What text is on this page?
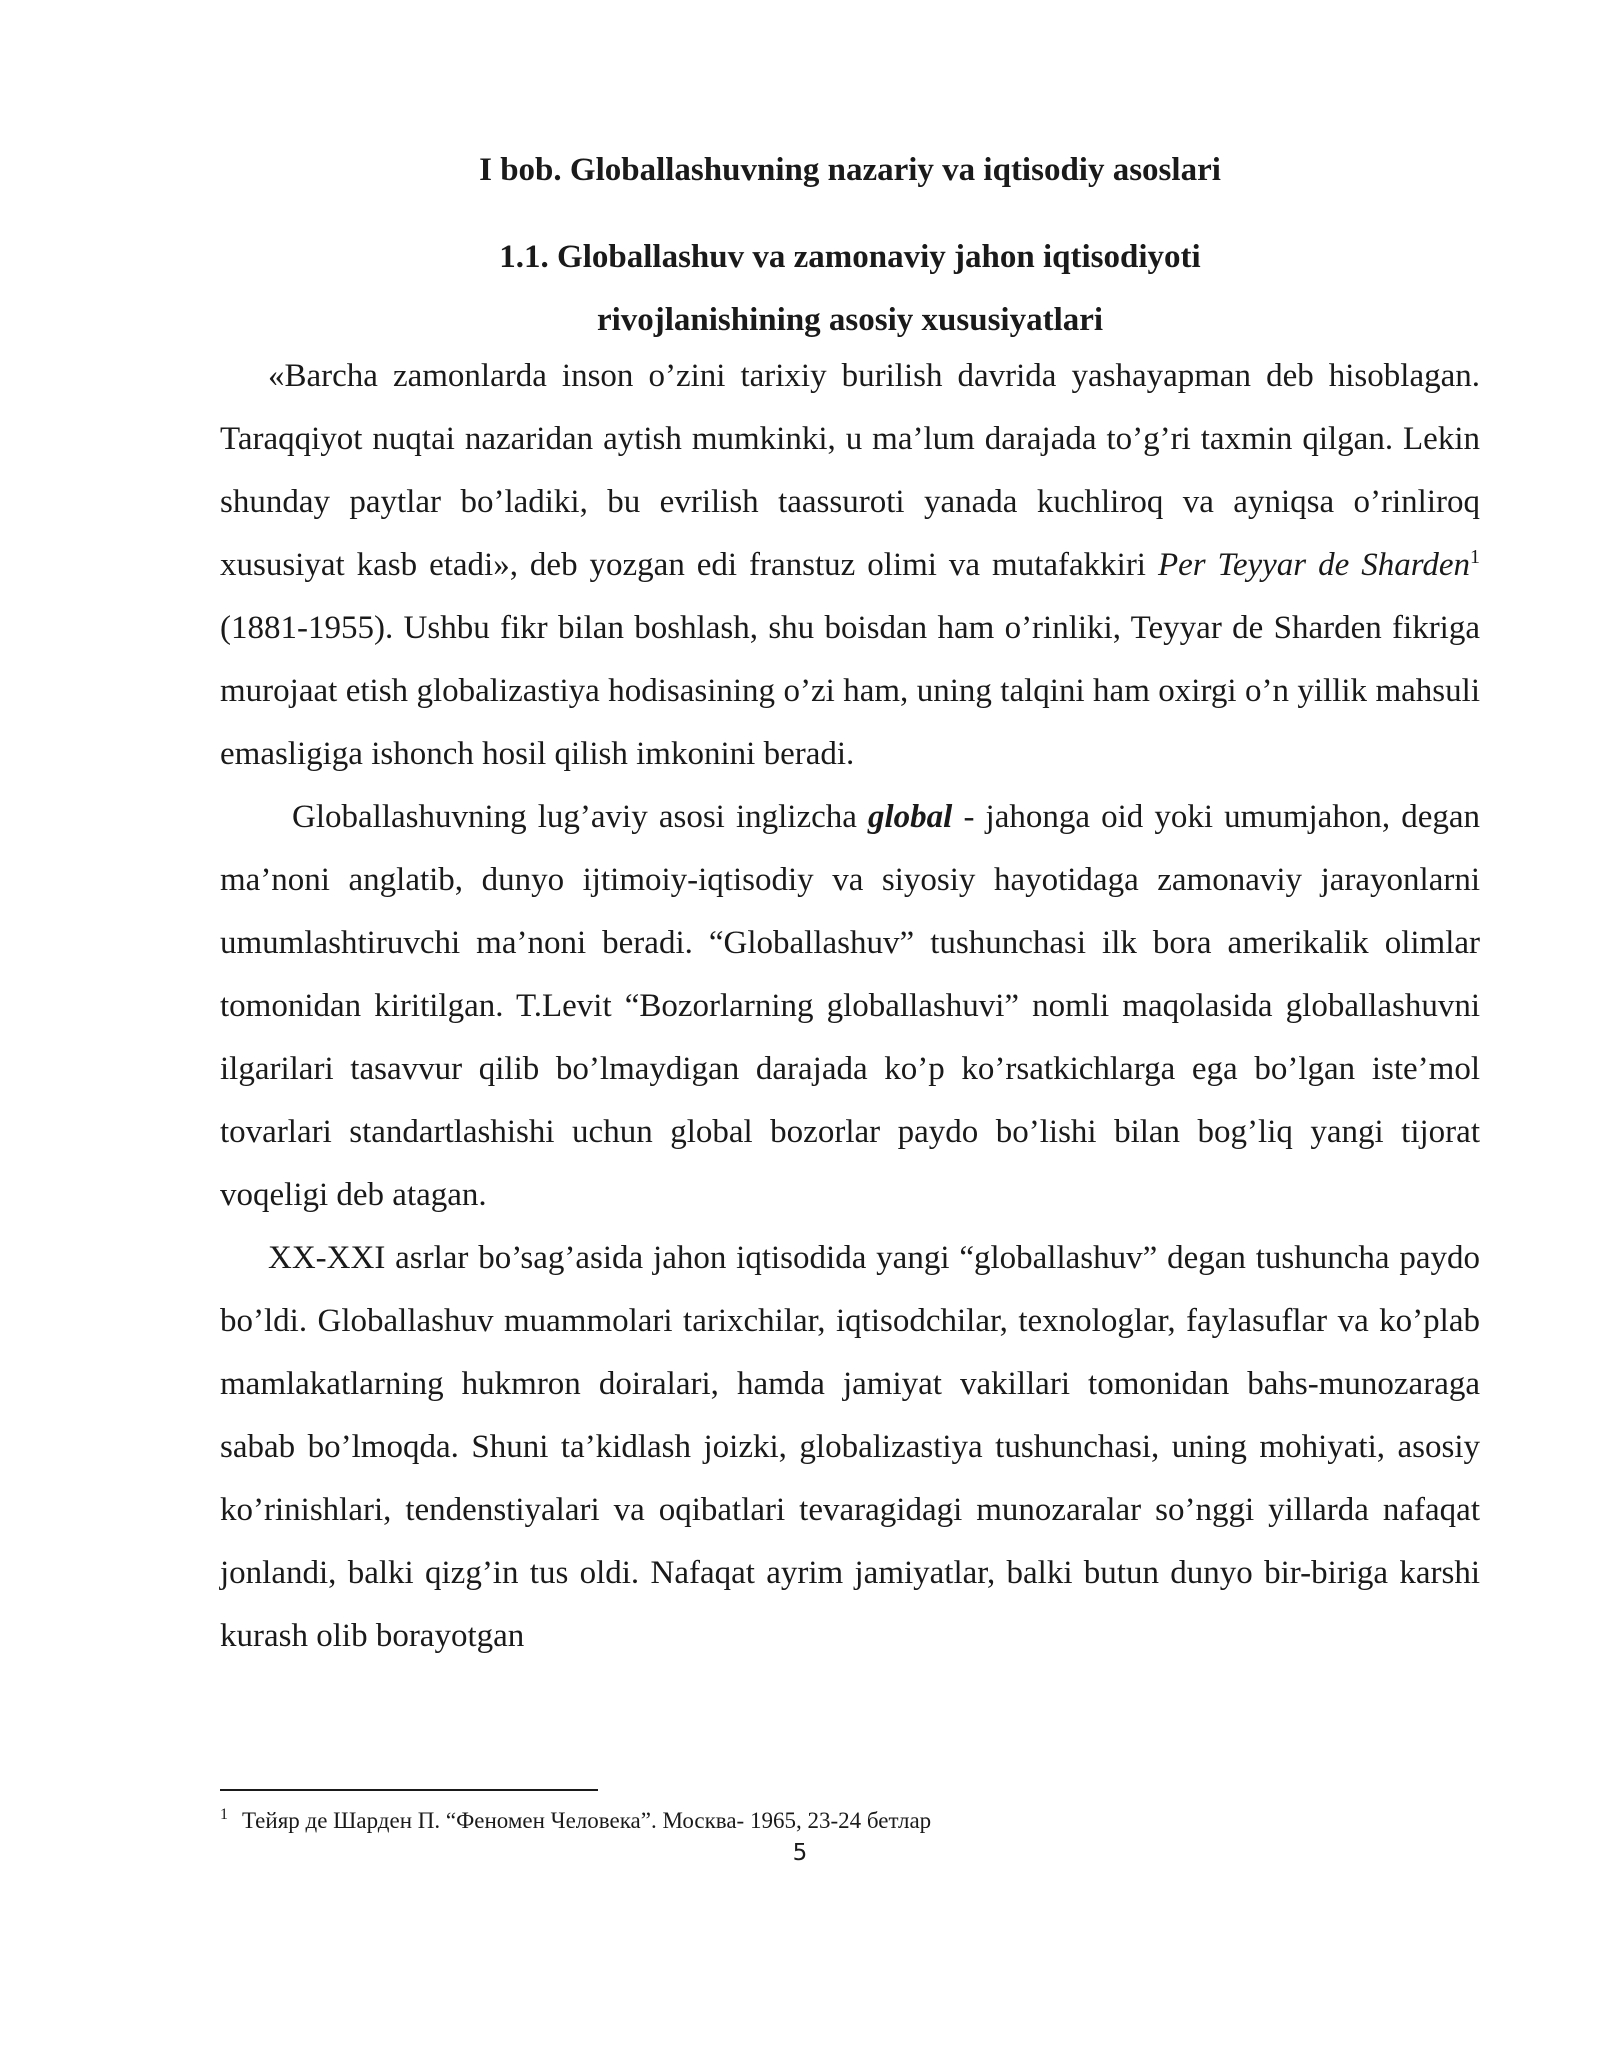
I bob. Globallashuvning nazariy va iqtisodiy asoslari
1.1. Globallashuv va zamonaviy jahon iqtisodiyoti
rivojlanishining asosiy xususiyatlari

«Barcha zamonlarda inson o’zini tarixiy burilish davrida yashayapman deb hisoblagan. Taraqqiyot nuqtai nazaridan aytish mumkinki, u ma’lum darajada to’g’ri taxmin qilgan. Lekin shunday paytlar bo’ladiki, bu evrilish taassuroti yanada kuchliroq va ayniqsa o’rinliroq xususiyat kasb etadi», deb yozgan edi franstuz olimi va mutafakkiri Per Teyyar de Sharden$^1$ (1881-1955). Ushbu fikr bilan boshlash, shu boisdan ham o’rinliki, Teyyar de Sharden fikriga murojaat etish globalizastiya hodisasining o’zi ham, uning talqini ham oxirgi o’n yillik mahsuli emasligiga ishonch hosil qilish imkonini beradi.

Globallashuvning lug’aviy asosi inglizcha global - jahonga oid yoki umumjahon, degan ma’noni anglatib, dunyo ijtimoiy-iqtisodiy va siyosiy hayotidaga zamonaviy jarayonlarni umumlashtiruvchi ma’noni beradi. “Globallashuv” tushunchasi ilk bora amerikalik olimlar tomonidan kiritilgan. T.Levit “Bozorlarning globallashuvi” nomli maqolasida globallashuvni ilgarilari tasavvur qilib bo’lmaydigan darajada ko’p ko’rsatkichlarga ega bo’lgan iste’mol tovarlari standartlashishi uchun global bozorlar paydo bo’lishi bilan bog’liq yangi tijorat voqeligi deb atagan.

XX-XXI asrlar bo’sag’asida jahon iqtisodida yangi “globallashuv” degan tushuncha paydo bo’ldi. Globallashuv muammolari tarixchilar, iqtisodchilar, texnologlar, faylasuflar va ko’plab mamlakatlarning hukmron doiralari, hamda jamiyat vakillari tomonidan bahs-munozaraga sabab bo’lmoqda. Shuni ta’kidlash joizki, globalizastiya tushunchasi, uning mohiyati, asosiy ko’rinishlari, tendenstiyalari va oqibatlari tevaragidagi munozaralar so’nggi yillarda nafaqat jonlandi, balki qizg’in tus oldi. Nafaqat ayrim jamiyatlar, balki butun dunyo bir-biriga karshi kurash olib borayotgan

$^1$ Тейяр де Шарден П. “Феномен Человека”. Москва- 1965, 23-24 бетлар
5
